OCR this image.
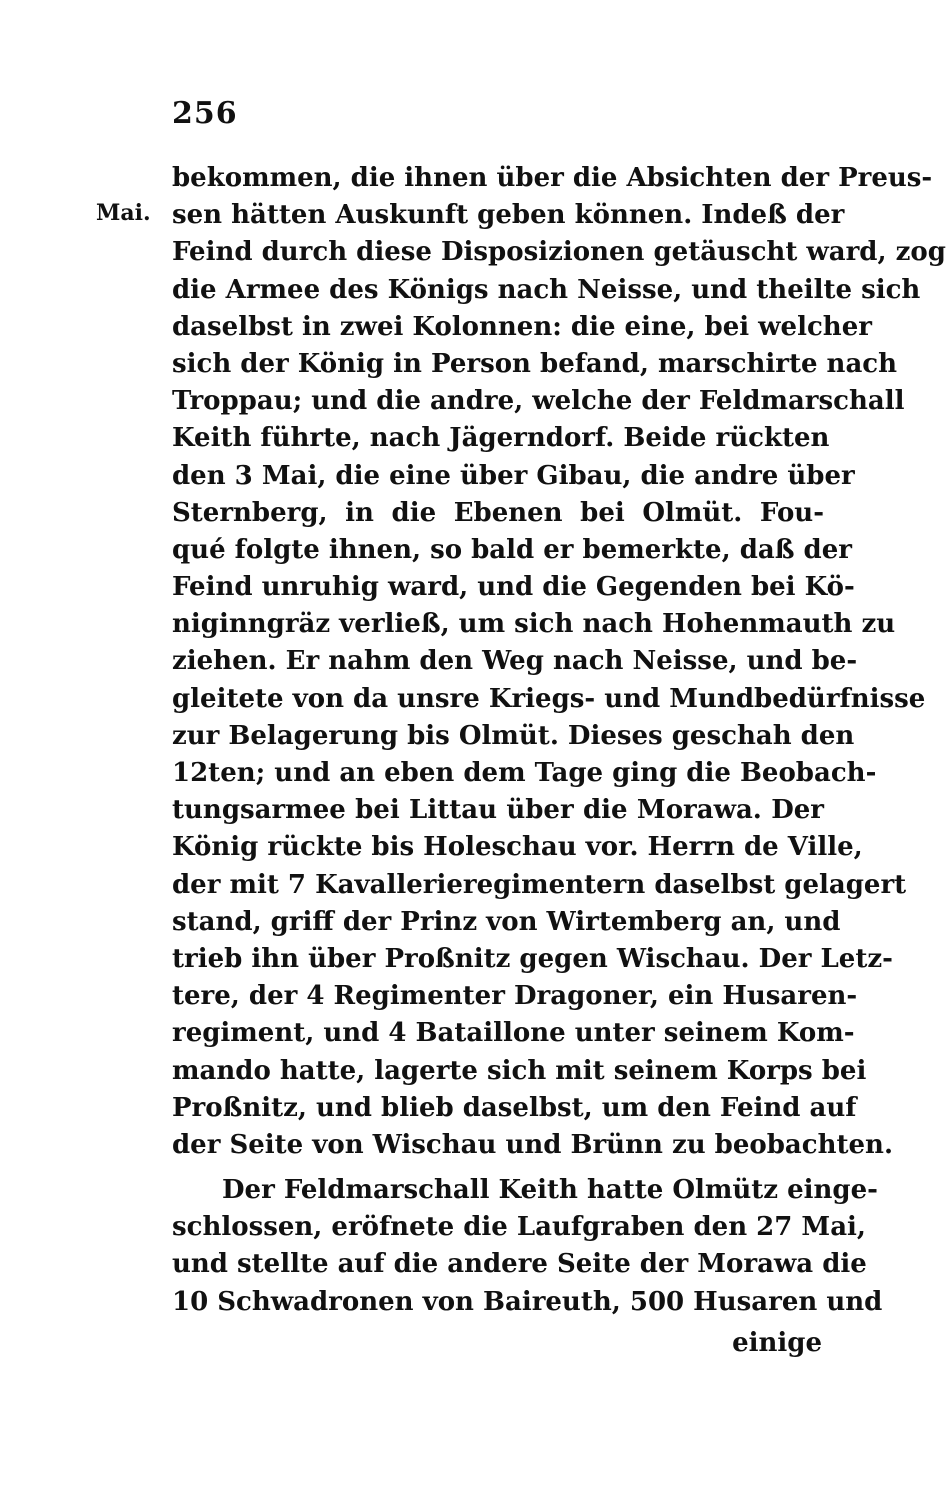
256
Mai.
bekommen, die ihnen über die Absichten der Preus-
sen hätten Auskunft geben können. Indeß der
Feind durch diese Disposizionen getäuscht ward, zog
die Armee des Königs nach Neisse, und theilte sich
daselbst in zwei Kolonnen: die eine, bei welcher
sich der König in Person befand, marschirte nach
Troppau; und die andre, welche der Feldmarschall
Keith führte, nach Jägerndorf. Beide rückten
den 3 Mai, die eine über Gibau, die andre über
Sternberg, in die Ebenen bei Olmüt. Fou-
qué folgte ihnen, so bald er bemerkte, daß der
Feind unruhig ward, und die Gegenden bei Kö-
niginngräz verließ, um sich nach Hohenmauth zu
ziehen. Er nahm den Weg nach Neisse, und be-
gleitete von da unsre Kriegs- und Mundbedürfnisse
zur Belagerung bis Olmüt. Dieses geschah den
12ten; und an eben dem Tage ging die Beobach-
tungsarmee bei Littau über die Morawa. Der
König rückte bis Holeschau vor. Herrn de Ville,
der mit 7 Kavallerieregimentern daselbst gelagert
stand, griff der Prinz von Wirtemberg an, und
trieb ihn über Proßnitz gegen Wischau. Der Letz-
tere, der 4 Regimenter Dragoner, ein Husaren-
regiment, und 4 Bataillone unter seinem Kom-
mando hatte, lagerte sich mit seinem Korps bei
Proßnitz, und blieb daselbst, um den Feind auf
der Seite von Wischau und Brünn zu beobachten.
Der Feldmarschall Keith hatte Olmütz einge-
schlossen, eröfnete die Laufgraben den 27 Mai,
und stellte auf die andere Seite der Morawa die
10 Schwadronen von Baireuth, 500 Husaren und
einige
